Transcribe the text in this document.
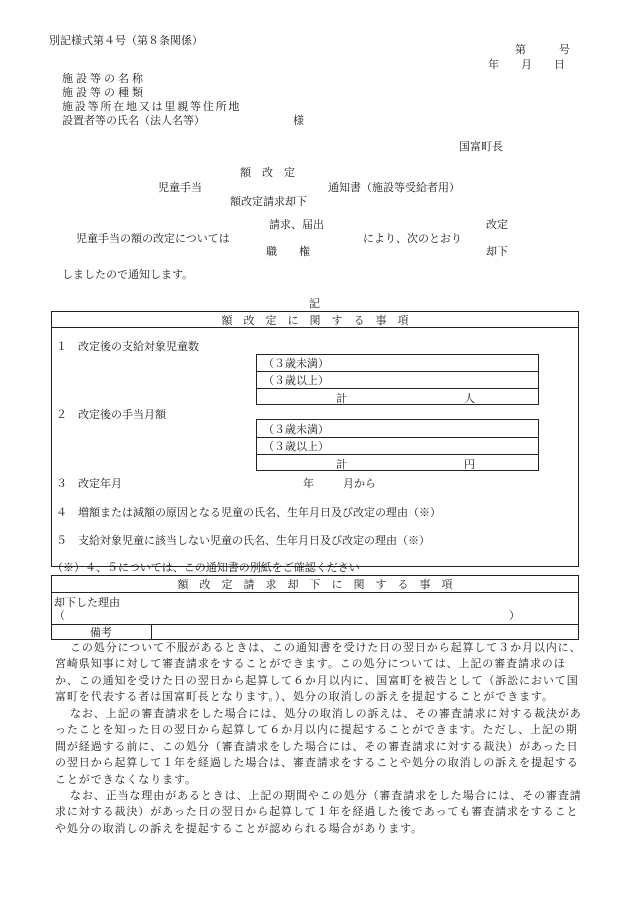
別記様式第４号（第８条関係）
第　　　号
年　　月　　日
施設等の名称
施設等の種類
施設等所在地又は里親等住所地
設置者等の氏名（法人名等）	様
国富町長
額　改　定
児童手当	通知書（施設等受給者用）
額改定請求却下
請求、届出	改定
児童手当の額の改定については	により、次のとおり
職　　権	却下
しましたので通知します。
記
額　改　定　に　関　す　る　事　項
１　改定後の支給対象児童数
（３歳未満）
（３歳以上）
計	人
２　改定後の手当月額
（３歳未満）
（３歳以上）
計	円
３　改定年月	年	月から
４　増額または減額の原因となる児童の氏名、生年月日及び改定の理由（※）
５　支給対象児童に該当しない児童の氏名、生年月日及び改定の理由（※）
（※）４、５については、この通知書の別紙をご確認ください
額　改　定　請　求　却　下　に　関　す　る　事　項
却下した理由
（	）
備考
この処分について不服があるときは、この通知書を受けた日の翌日から起算して３か月以内に、宮崎県知事に対して審査請求をすることができます。この処分については、上記の審査請求のほか、この通知を受けた日の翌日から起算して６か月以内に、国富町を被告として（訴訟において国富町を代表する者は国富町長となります。）、処分の取消しの訴えを提起することができます。
なお、上記の審査請求をした場合には、処分の取消しの訴えは、その審査請求に対する裁決があったことを知った日の翌日から起算して６か月以内に提起することができます。ただし、上記の期間が経過する前に、この処分（審査請求をした場合には、その審査請求に対する裁決）があった日の翌日から起算して１年を経過した場合は、審査請求をすることや処分の取消しの訴えを提起することができなくなります。
なお、正当な理由があるときは、上記の期間やこの処分（審査請求をした場合には、その審査請求に対する裁決）があった日の翌日から起算して１年を経過した後であっても審査請求をすることや処分の取消しの訴えを提起することが認められる場合があります。
